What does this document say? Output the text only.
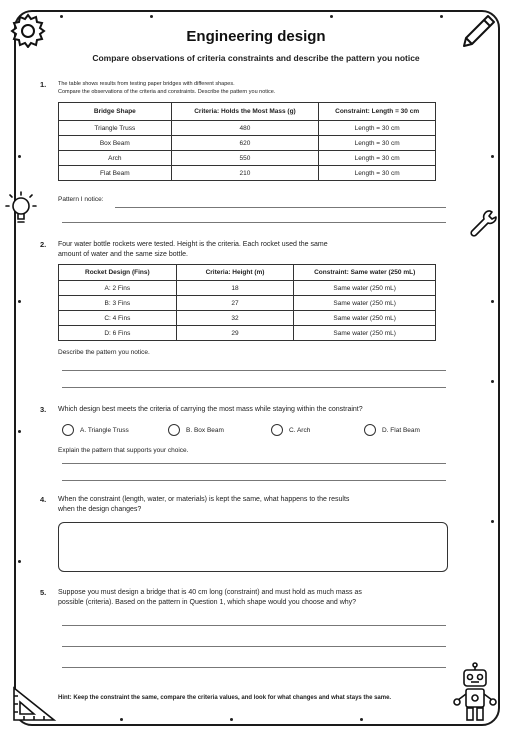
Engineering design
Compare observations of criteria constraints and describe the pattern you notice
1. The table shows results from testing paper bridges with different shapes.
Compare the observations of the criteria and constraints. Describe the pattern you notice.
Bridge Shape	Criteria: Holds the Most Mass (g)	Constraint: Length = 30 cm
Triangle Truss	480	Length = 30 cm
Box Beam	620	Length = 30 cm
Arch	550	Length = 30 cm
Flat Beam	210	Length = 30 cm
Pattern I notice:
2. Four water bottle rockets were tested. Height is the criteria. Each rocket used the same
amount of water and the same size bottle.
Rocket Design (Fins)	Criteria: Height (m)	Constraint: Same water (250 mL)
A: 2 Fins	18	Same water (250 mL)
B: 3 Fins	27	Same water (250 mL)
C: 4 Fins	32	Same water (250 mL)
D: 6 Fins	29	Same water (250 mL)
Describe the pattern you notice.
3. Which design best meets the criteria of carrying the most mass while staying within the constraint?
A. Triangle Truss	B. Box Beam	C. Arch	D. Flat Beam
Explain the pattern that supports your choice.
4. When the constraint (length, water, or materials) is kept the same, what happens to the results
when the design changes?
5. Suppose you must design a bridge that is 40 cm long (constraint) and must hold as much mass as
possible (criteria). Based on the pattern in Question 1, which shape would you choose and why?
Hint: Keep the constraint the same, compare the criteria values, and look for what changes and what stays the same.
